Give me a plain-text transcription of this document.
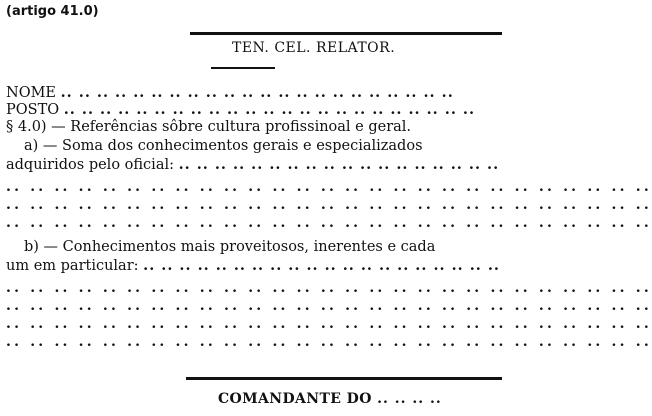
(artigo 41.0)
TEN. CEL. RELATOR.
NOME .. .. .. .. .. .. .. .. .. .. .. .. .. .. .. .. .. .. .. .. .. ..
POSTO .. .. .. .. .. .. .. .. .. .. .. .. .. .. .. .. .. .. .. .. .. .. ..
§ 4.0) — Referências sôbre cultura profissinoal e geral.
a) — Soma dos conhecimentos gerais e especializados
adquiridos pelo oficial: .. .. .. .. .. .. .. .. .. .. .. .. .. .. .. .. .. ..
.. .. .. .. .. .. .. .. .. .. .. .. .. .. .. .. .. .. .. .. .. .. .. .. .. .. ..
.. .. .. .. .. .. .. .. .. .. .. .. .. .. .. .. .. .. .. .. .. .. .. .. .. .. ..
.. .. .. .. .. .. .. .. .. .. .. .. .. .. .. .. .. .. .. .. .. .. .. .. .. .. ..
b) — Conhecimentos mais proveitosos, inerentes e cada
um em particular: .. .. .. .. .. .. .. .. .. .. .. .. .. .. .. .. .. .. .. ..
.. .. .. .. .. .. .. .. .. .. .. .. .. .. .. .. .. .. .. .. .. .. .. .. .. .. ..
.. .. .. .. .. .. .. .. .. .. .. .. .. .. .. .. .. .. .. .. .. .. .. .. .. .. ..
.. .. .. .. .. .. .. .. .. .. .. .. .. .. .. .. .. .. .. .. .. .. .. .. .. .. ..
.. .. .. .. .. .. .. .. .. .. .. .. .. .. .. .. .. .. .. .. .. .. .. .. .. .. ..
COMANDANTE DO .. .. .. ..
